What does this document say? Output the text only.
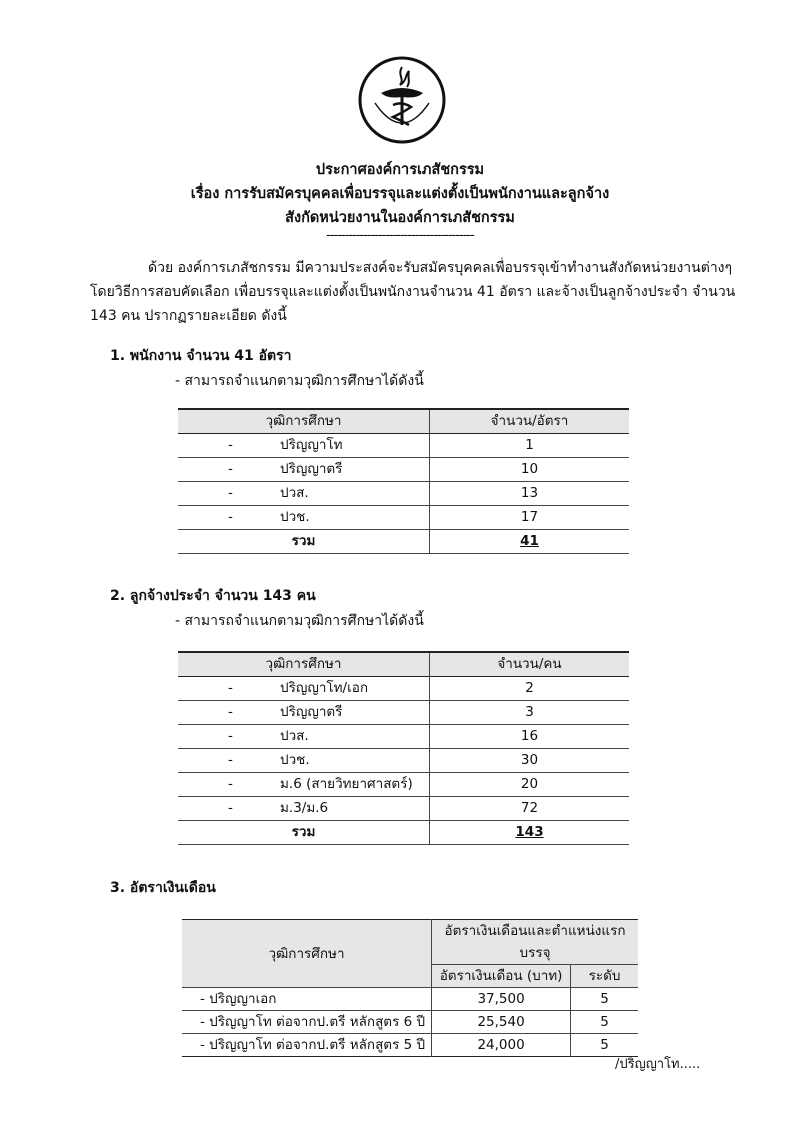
ประกาศองค์การเภสัชกรรม
เรื่อง การรับสมัครบุคคลเพื่อบรรจุและแต่งตั้งเป็นพนักงานและลูกจ้าง
สังกัดหน่วยงานในองค์การเภสัชกรรม
----------------------------------------
ด้วย องค์การเภสัชกรรม มีความประสงค์จะรับสมัครบุคคลเพื่อบรรจุเข้าทำงานสังกัดหน่วยงานต่างๆ
โดยวิธีการสอบคัดเลือก เพื่อบรรจุและแต่งตั้งเป็นพนักงานจำนวน 41 อัตรา และจ้างเป็นลูกจ้างประจำ จำนวน
143 คน ปรากฏรายละเอียด ดังนี้
1. พนักงาน จำนวน 41 อัตรา
- สามารถจำแนกตามวุฒิการศึกษาได้ดังนี้
วุฒิการศึกษา	จำนวน/อัตรา
- ปริญญาโท	1
- ปริญญาตรี	10
- ปวส.	13
- ปวช.	17
รวม	41
2. ลูกจ้างประจำ จำนวน 143 คน
- สามารถจำแนกตามวุฒิการศึกษาได้ดังนี้
วุฒิการศึกษา	จำนวน/คน
- ปริญญาโท/เอก	2
- ปริญญาตรี	3
- ปวส.	16
- ปวช.	30
- ม.6 (สายวิทยาศาสตร์)	20
- ม.3/ม.6	72
รวม	143
3. อัตราเงินเดือน
วุฒิการศึกษา	อัตราเงินเดือนและตำแหน่งแรกบรรจุ	
	อัตราเงินเดือน (บาท)	ระดับ
- ปริญญาเอก	37,500	5
- ปริญญาโท ต่อจากป.ตรี หลักสูตร 6 ปี	25,540	5
- ปริญญาโท ต่อจากป.ตรี หลักสูตร 5 ปี	24,000	5
/ปริญญาโท.....
